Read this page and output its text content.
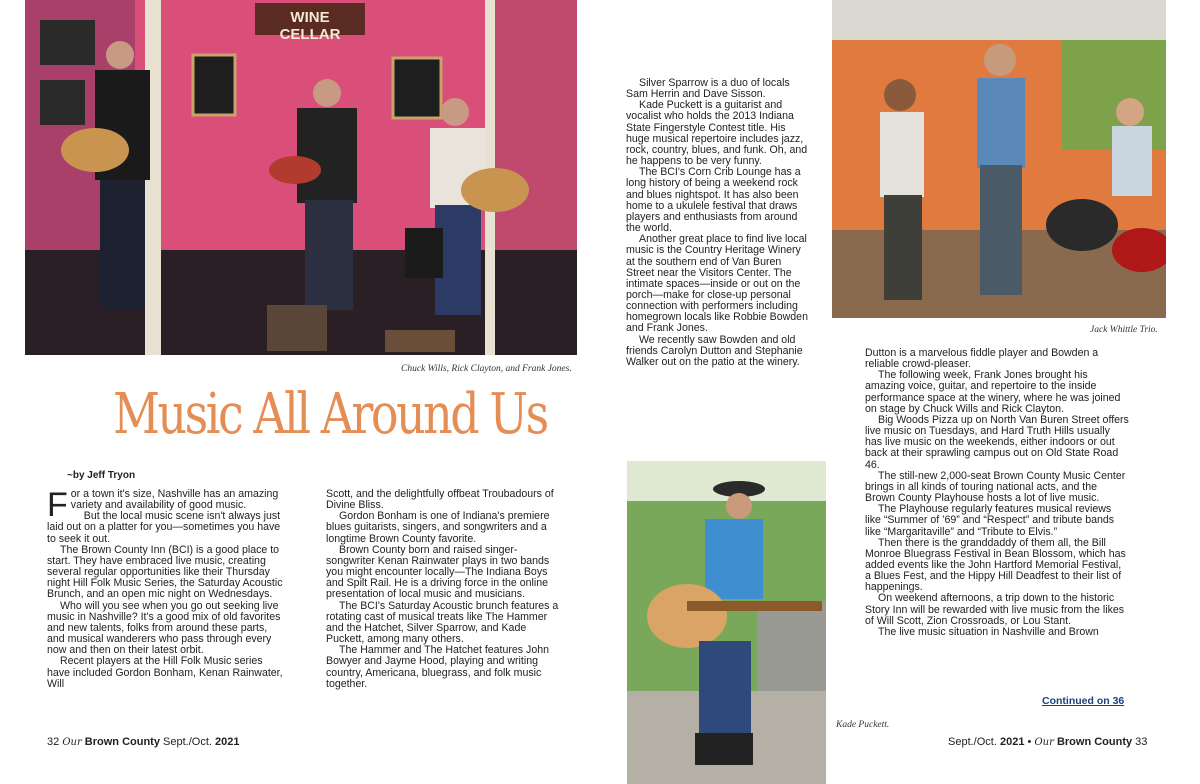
WINE CELLAR
Chuck Wills, Rick Clayton, and Frank Jones.
Jack Whittle Trio.
Kade Puckett.
Music All Around Us
~by Jeff Tryon
F or a town it's size, Nashville has an amazing variety and availability of good music.

But the local music scene isn't always just laid out on a platter for you—sometimes you have to seek it out.

The Brown County Inn (BCI) is a good place to start. They have embraced live music, creating several regular opportunities like their Thursday night Hill Folk Music Series, the Saturday Acoustic Brunch, and an open mic night on Wednesdays.

Who will you see when you go out seeking live music in Nashville? It's a good mix of old favorites and new talents, folks from around these parts, and musical wanderers who pass through every now and then on their latest orbit.

Recent players at the Hill Folk Music series have included Gordon Bonham, Kenan Rainwater, Will

Scott, and the delightfully offbeat Troubadours of Divine Bliss.

Gordon Bonham is one of Indiana's premiere blues guitarists, singers, and songwriters and a longtime Brown County favorite.

Brown County born and raised singer-songwriter Kenan Rainwater plays in two bands you might encounter locally—The Indiana Boys and Spilt Rail. He is a driving force in the online presentation of local music and musicians.

The BCI's Saturday Acoustic brunch features a rotating cast of musical treats like The Hammer and the Hatchet, Silver Sparrow, and Kade Puckett, among many others.

The Hammer and The Hatchet features John Bowyer and Jayme Hood, playing and writing country, Americana, bluegrass, and folk music together.

Silver Sparrow is a duo of locals Sam Herrin and Dave Sisson.

Kade Puckett is a guitarist and vocalist who holds the 2013 Indiana State Fingerstyle Contest title. His huge musical repertoire includes jazz, rock, country, blues, and funk. Oh, and he happens to be very funny.

The BCI's Corn Crib Lounge has a long history of being a weekend rock and blues nightspot. It has also been home to a ukulele festival that draws players and enthusiasts from around the world.

Another great place to find live local music is the Country Heritage Winery at the southern end of Van Buren Street near the Visitors Center. The intimate spaces—inside or out on the porch—make for close-up personal connection with performers including homegrown locals like Robbie Bowden and Frank Jones.

We recently saw Bowden and old friends Carolyn Dutton and Stephanie Walker out on the patio at the winery.

Dutton is a marvelous fiddle player and Bowden a reliable crowd-pleaser.

The following week, Frank Jones brought his amazing voice, guitar, and repertoire to the inside performance space at the winery, where he was joined on stage by Chuck Wills and Rick Clayton.

Big Woods Pizza up on North Van Buren Street offers live music on Tuesdays, and Hard Truth Hills usually has live music on the weekends, either indoors or out back at their sprawling campus out on Old State Road 46.

The still-new 2,000-seat Brown County Music Center brings in all kinds of touring national acts, and the Brown County Playhouse hosts a lot of live music.

The Playhouse regularly features musical reviews like “Summer of ’69” and “Respect” and tribute bands like “Margaritaville” and “Tribute to Elvis.”

Then there is the granddaddy of them all, the Bill Monroe Bluegrass Festival in Bean Blossom, which has added events like the John Hartford Memorial Festival, a Blues Fest, and the Hippy Hill Deadfest to their list of happenings.

On weekend afternoons, a trip down to the historic Story Inn will be rewarded with live music from the likes of Will Scott, Zion Crossroads, or Lou Stant.

The live music situation in Nashville and Brown

Continued on 36
32 Our Brown County Sept./Oct. 2021	Sept./Oct. 2021 • Our Brown County 33
